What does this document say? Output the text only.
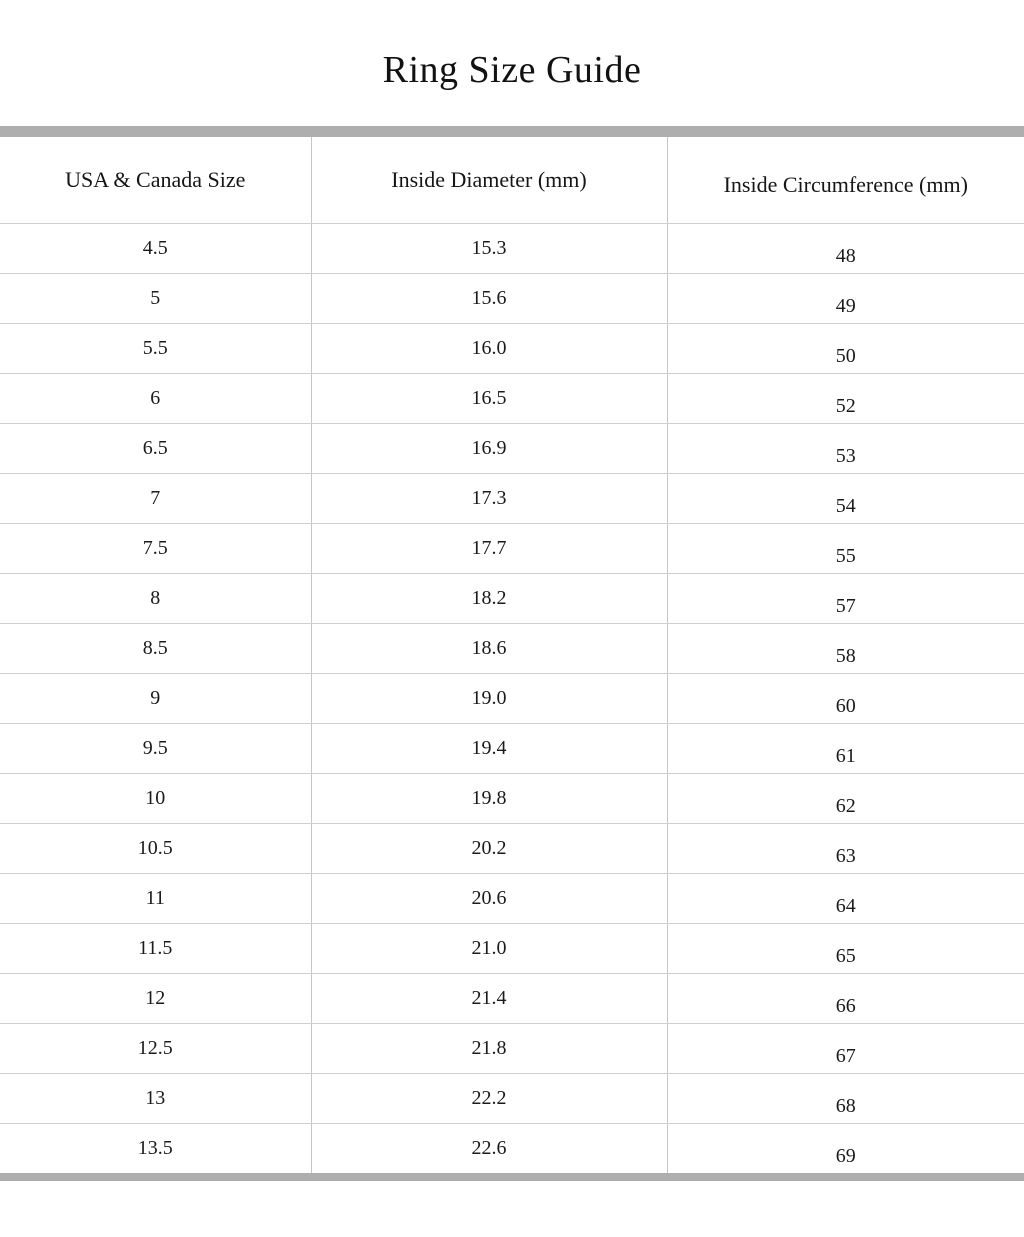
Ring Size Guide
USA & Canada Size	Inside Diameter (mm)	Inside Circumference (mm)
4.5	15.3	48
5	15.6	49
5.5	16.0	50
6	16.5	52
6.5	16.9	53
7	17.3	54
7.5	17.7	55
8	18.2	57
8.5	18.6	58
9	19.0	60
9.5	19.4	61
10	19.8	62
10.5	20.2	63
11	20.6	64
11.5	21.0	65
12	21.4	66
12.5	21.8	67
13	22.2	68
13.5	22.6	69
